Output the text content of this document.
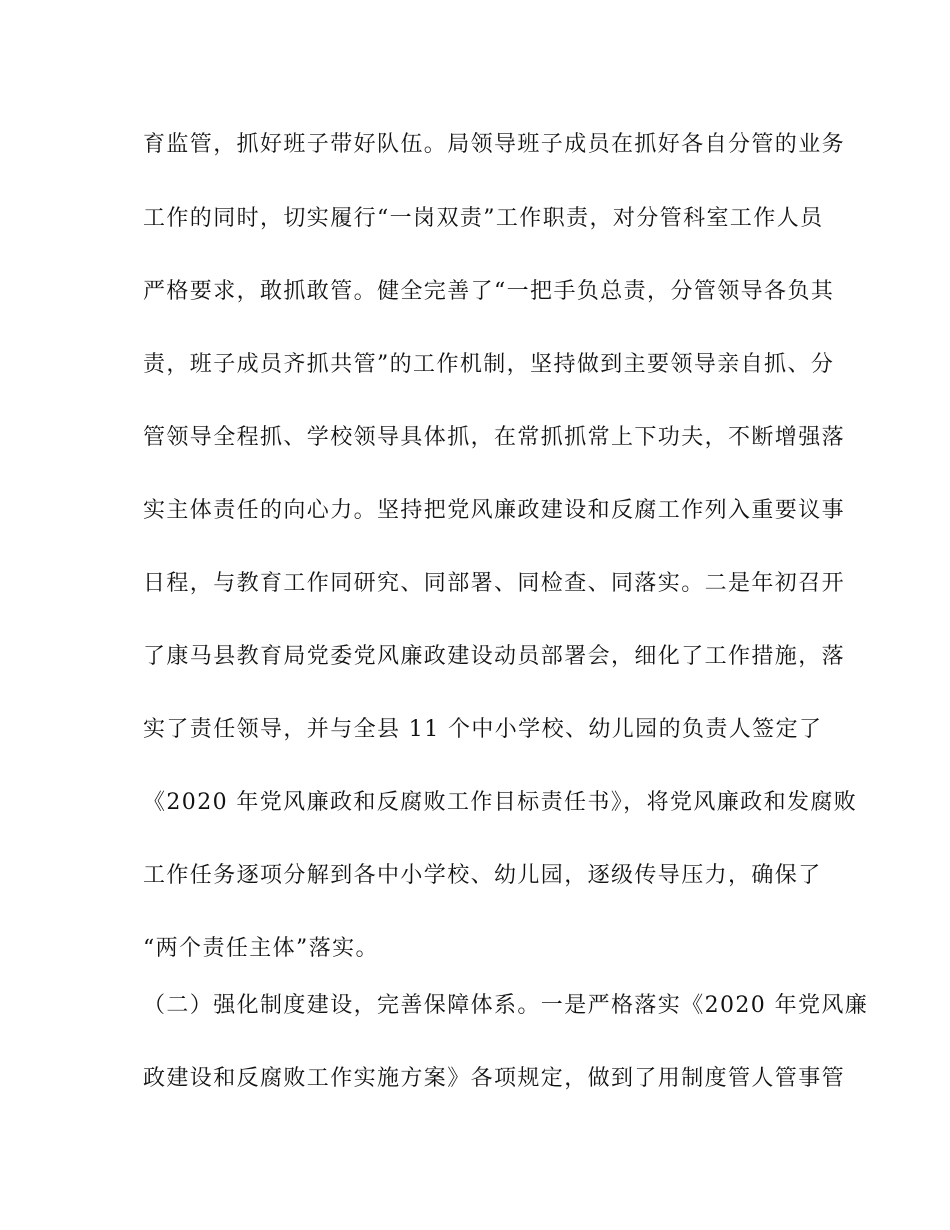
育监管，抓好班子带好队伍。局领导班子成员在抓好各自分管的业务
工作的同时，切实履行“一岗双责”工作职责，对分管科室工作人员
严格要求，敢抓敢管。健全完善了“一把手负总责，分管领导各负其
责，班子成员齐抓共管”的工作机制，坚持做到主要领导亲自抓、分
管领导全程抓、学校领导具体抓，在常抓抓常上下功夫，不断增强落
实主体责任的向心力。坚持把党风廉政建设和反腐工作列入重要议事
日程，与教育工作同研究、同部署、同检查、同落实。二是年初召开
了康马县教育局党委党风廉政建设动员部署会，细化了工作措施，落
实了责任领导，并与全县 11 个中小学校、幼儿园的负责人签定了
《2020 年党风廉政和反腐败工作目标责任书》，将党风廉政和发腐败
工作任务逐项分解到各中小学校、幼儿园，逐级传导压力，确保了
“两个责任主体”落实。
（二）强化制度建设，完善保障体系。一是严格落实《2020 年党风廉
政建设和反腐败工作实施方案》各项规定，做到了用制度管人管事管
